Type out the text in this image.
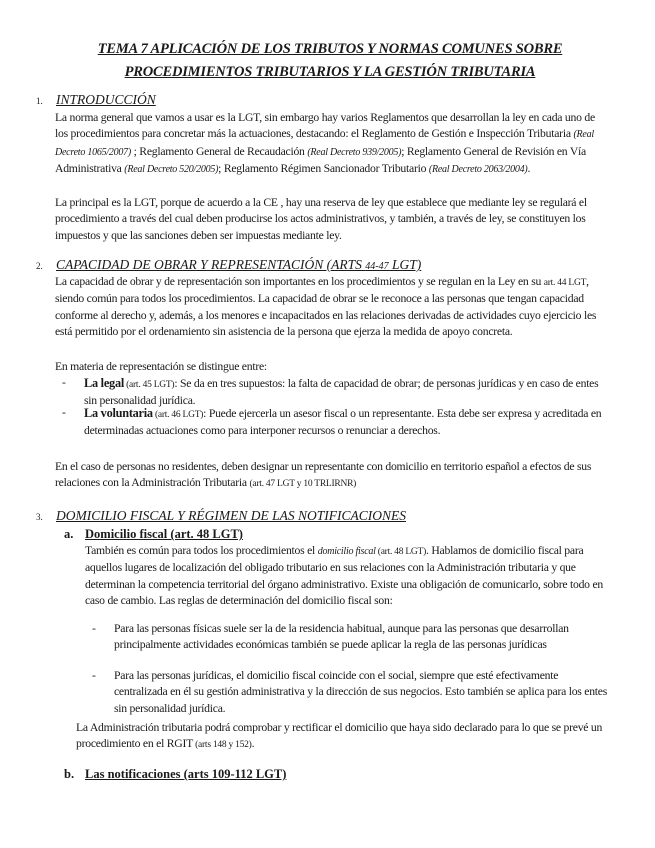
TEMA 7 APLICACIÓN DE LOS TRIBUTOS Y NORMAS COMUNES SOBRE
PROCEDIMIENTOS TRIBUTARIOS Y LA GESTIÓN TRIBUTARIA
1. INTRODUCCIÓN
La norma general que vamos a usar es la LGT, sin embargo hay varios Reglamentos que desarrollan la ley en cada uno de los procedimientos para concretar más la actuaciones, destacando: el Reglamento de Gestión e Inspección Tributaria (Real Decreto 1065/2007) ; Reglamento General de Recaudación (Real Decreto 939/2005); Reglamento General de Revisión en Vía Administrativa (Real Decreto 520/2005); Reglamento Régimen Sancionador Tributario (Real Decreto 2063/2004).
La principal es la LGT, porque de acuerdo a la CE , hay una reserva de ley que establece que mediante ley se regulará el procedimiento a través del cual deben producirse los actos administrativos, y también, a través de ley, se constituyen los impuestos y que las sanciones deben ser impuestas mediante ley.
2. CAPACIDAD DE OBRAR Y REPRESENTACIÓN (ARTS 44-47 LGT)
La capacidad de obrar y de representación son importantes en los procedimientos y se regulan en la Ley en su art. 44 LGT, siendo común para todos los procedimientos. La capacidad de obrar se le reconoce a las personas que tengan capacidad conforme al derecho y, además, a los menores e incapacitados en las relaciones derivadas de actividades cuyo ejercicio les está permitido por el ordenamiento sin asistencia de la persona que ejerza la medida de apoyo concreta.
En materia de representación se distingue entre:
- La legal (art. 45 LGT): Se da en tres supuestos: la falta de capacidad de obrar; de personas jurídicas y en caso de entes sin personalidad jurídica.
- La voluntaria (art. 46 LGT): Puede ejercerla un asesor fiscal o un representante. Esta debe ser expresa y acreditada en determinadas actuaciones como para interponer recursos o renunciar a derechos.
En el caso de personas no residentes, deben designar un representante con domicilio en territorio español a efectos de sus relaciones con la Administración Tributaria (art. 47 LGT y 10 TRLIRNR)
3. DOMICILIO FISCAL Y RÉGIMEN DE LAS NOTIFICACIONES
a. Domicilio fiscal (art. 48 LGT)
También es común para todos los procedimientos el domicilio fiscal (art. 48 LGT). Hablamos de domicilio fiscal para aquellos lugares de localización del obligado tributario en sus relaciones con la Administración tributaria y que determinan la competencia territorial del órgano administrativo. Existe una obligación de comunicarlo, sobre todo en caso de cambio. Las reglas de determinación del domicilio fiscal son:
- Para las personas físicas suele ser la de la residencia habitual, aunque para las personas que desarrollan principalmente actividades económicas también se puede aplicar la regla de las personas jurídicas
- Para las personas jurídicas, el domicilio fiscal coincide con el social, siempre que esté efectivamente centralizada en él su gestión administrativa y la dirección de sus negocios. Esto también se aplica para los entes sin personalidad jurídica.
La Administración tributaria podrá comprobar y rectificar el domicilio que haya sido declarado para lo que se prevé un procedimiento en el RGIT (arts 148 y 152).
b. Las notificaciones (arts 109-112 LGT)
